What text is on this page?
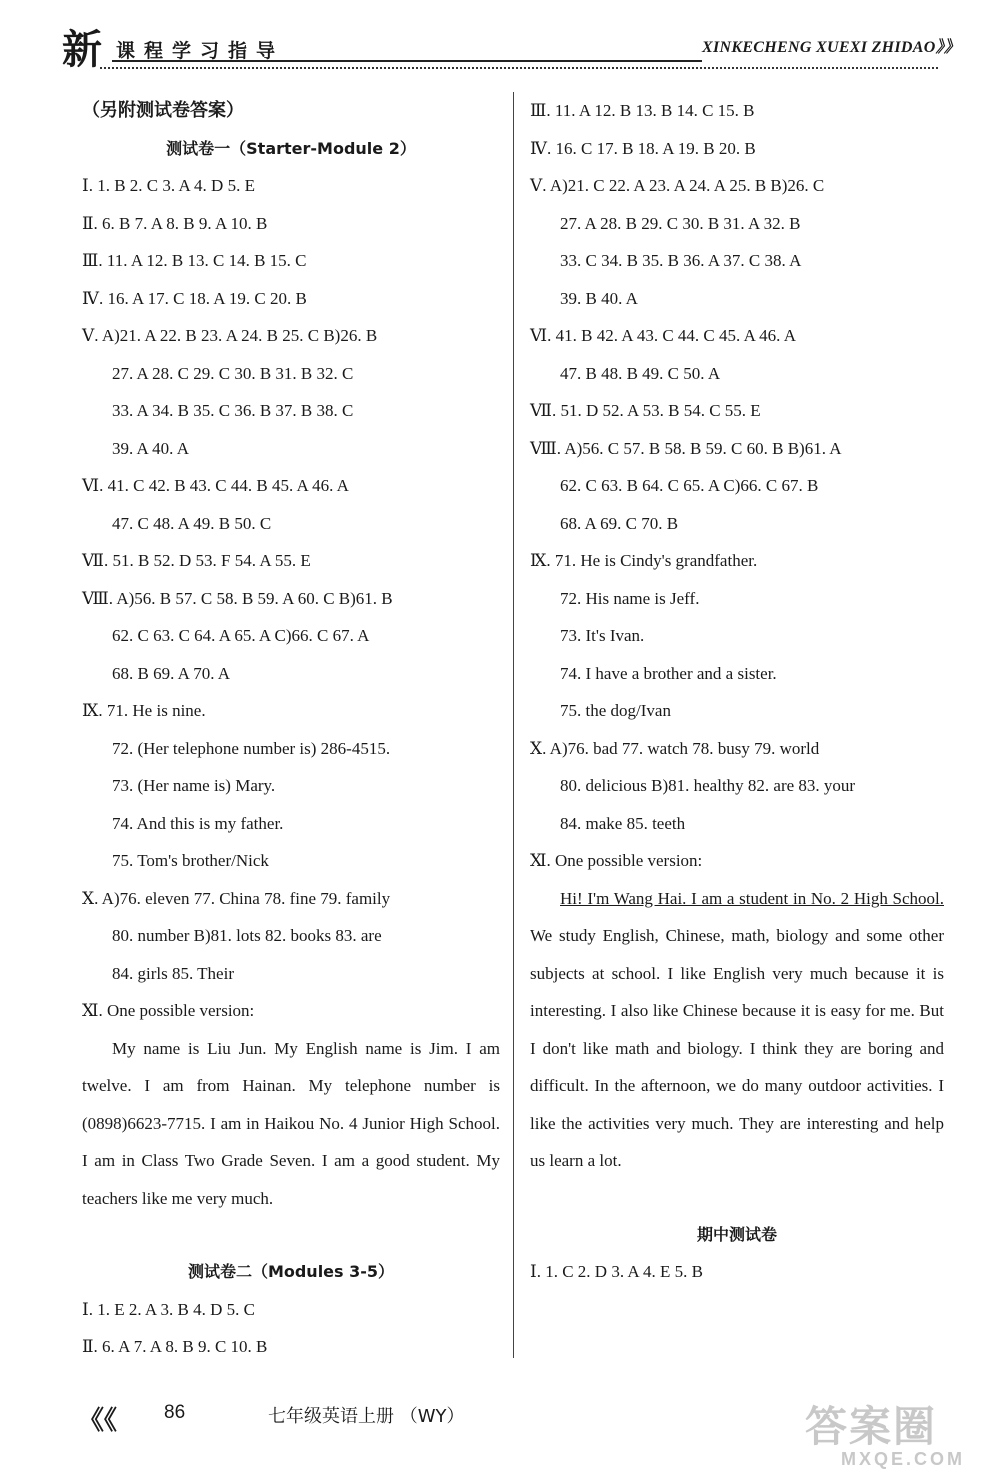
新 课程学习指导	XINKECHENG XUEXI ZHIDAO》》
（另附测试卷答案）
测试卷一（Starter-Module 2）
Ⅰ. 1. B 2. C 3. A 4. D 5. E
Ⅱ. 6. B 7. A 8. B 9. A 10. B
Ⅲ. 11. A 12. B 13. C 14. B 15. C
Ⅳ. 16. A 17. C 18. A 19. C 20. B
Ⅴ. A)21. A 22. B 23. A 24. B 25. C B)26. B
27. A 28. C 29. C 30. B 31. B 32. C
33. A 34. B 35. C 36. B 37. B 38. C
39. A 40. A
Ⅵ. 41. C 42. B 43. C 44. B 45. A 46. A
47. C 48. A 49. B 50. C
Ⅶ. 51. B 52. D 53. F 54. A 55. E
Ⅷ. A)56. B 57. C 58. B 59. A 60. C B)61. B
62. C 63. C 64. A 65. A C)66. C 67. A
68. B 69. A 70. A
Ⅸ. 71. He is nine.
72. (Her telephone number is) 286-4515.
73. (Her name is) Mary.
74. And this is my father.
75. Tom's brother/Nick
Ⅹ. A)76. eleven 77. China 78. fine 79. family
80. number B)81. lots 82. books 83. are
84. girls 85. Their
Ⅺ. One possible version:
My name is Liu Jun. My English name is Jim. I am twelve. I am from Hainan. My telephone number is (0898)6623-7715. I am in Haikou No. 4 Junior High School. I am in Class Two Grade Seven. I am a good student. My teachers like me very much.
测试卷二（Modules 3-5）
Ⅰ. 1. E 2. A 3. B 4. D 5. C
Ⅱ. 6. A 7. A 8. B 9. C 10. B
Ⅲ. 11. A 12. B 13. B 14. C 15. B
Ⅳ. 16. C 17. B 18. A 19. B 20. B
Ⅴ. A)21. C 22. A 23. A 24. A 25. B B)26. C
27. A 28. B 29. C 30. B 31. A 32. B
33. C 34. B 35. B 36. A 37. C 38. A
39. B 40. A
Ⅵ. 41. B 42. A 43. C 44. C 45. A 46. A
47. B 48. B 49. C 50. A
Ⅶ. 51. D 52. A 53. B 54. C 55. E
Ⅷ. A)56. C 57. B 58. B 59. C 60. B B)61. A
62. C 63. B 64. C 65. A C)66. C 67. B
68. A 69. C 70. B
Ⅸ. 71. He is Cindy's grandfather.
72. His name is Jeff.
73. It's Ivan.
74. I have a brother and a sister.
75. the dog/Ivan
Ⅹ. A)76. bad 77. watch 78. busy 79. world
80. delicious B)81. healthy 82. are 83. your
84. make 85. teeth
Ⅺ. One possible version:
Hi! I'm Wang Hai. I am a student in No. 2 High School. We study English, Chinese, math, biology and some other subjects at school. I like English very much because it is interesting. I also like Chinese because it is easy for me. But I don't like math and biology. I think they are boring and difficult. In the afternoon, we do many outdoor activities. I like the activities very much. They are interesting and help us learn a lot.
期中测试卷
Ⅰ. 1. C 2. D 3. A 4. E 5. B
《《 86	七年级英语上册 （WY）	答案圈
MXQE.COM
